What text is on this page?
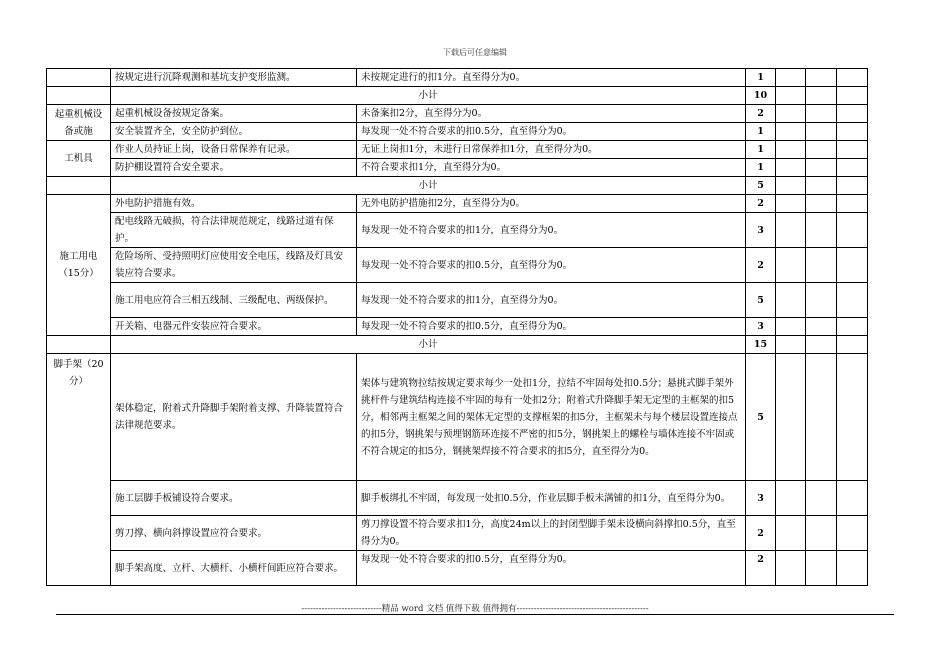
下载后可任意编辑
	按规定进行沉降观测和基坑支护变形监测。	未按规定进行的扣1分。直至得分为0。	1			
	小计		10			
起重机械设备或施	起重机械设备按规定备案。	未备案扣2分，直至得分为0。	2			
	安全装置齐全，安全防护到位。	每发现一处不符合要求的扣0.5分，直至得分为0。	1			
工机具	作业人员持证上岗，设备日常保养有记录。	无证上岗扣1分，未进行日常保养扣1分，直至得分为0。	1			
	防护棚设置符合安全要求。	不符合要求扣1分，直至得分为0。	1			
	小计		5			
施工用电（15分）	外电防护措施有效。	无外电防护措施扣2分，直至得分为0。	2			
	配电线路无破损，符合法律规范规定，线路过道有保护。	每发现一处不符合要求的扣1分，直至得分为0。	3			
	危险场所、受持照明灯应使用安全电压，线路及灯具安装应符合要求。	每发现一处不符合要求的扣0.5分，直至得分为0。	2			
	施工用电应符合三相五线制、三级配电、两级保护。	每发现一处不符合要求的扣1分，直至得分为0。	5			
	开关箱、电器元件安装应符合要求。	每发现一处不符合要求的扣0.5分，直至得分为0。	3			
	小计		15			
脚手架（20分）	架体稳定，附着式升降脚手架附着支撑、升降装置符合法律规范要求。	架体与建筑物拉结按规定要求每少一处扣1分，拉结不牢固每处扣0.5分；悬挑式脚手架外挑杆件与建筑结构连接不牢固的每有一处扣2分；附着式升降脚手架无定型的主框架的扣5分，相邻两主框架之间的架体无定型的支撑框架的扣5分，主框架未与每个楼层设置连接点的扣5分，钢挑架与预埋钢筋环连接不严密的扣5分，钢挑架上的螺栓与墙体连接不牢固或不符合规定的扣5分，钢挑架焊接不符合要求的扣5分，直至得分为0。	5			
	施工层脚手板铺设符合要求。	脚手板绑扎不牢固，每发现一处扣0.5分，作业层脚手板未满铺的扣1分，直至得分为0。	3			
	剪刀撑、横向斜撑设置应符合要求。	剪刀撑设置不符合要求扣1分，高度24m以上的封闭型脚手架未设横向斜撑扣0.5分，直至得分为0。	2			
	脚手架高度、立杆、大横杆、小横杆间距应符合要求。	每发现一处不符合要求的扣0.5分，直至得分为0。	2			
----------------------------精品 word 文档 值得下载 值得拥有----------------------------------------------
